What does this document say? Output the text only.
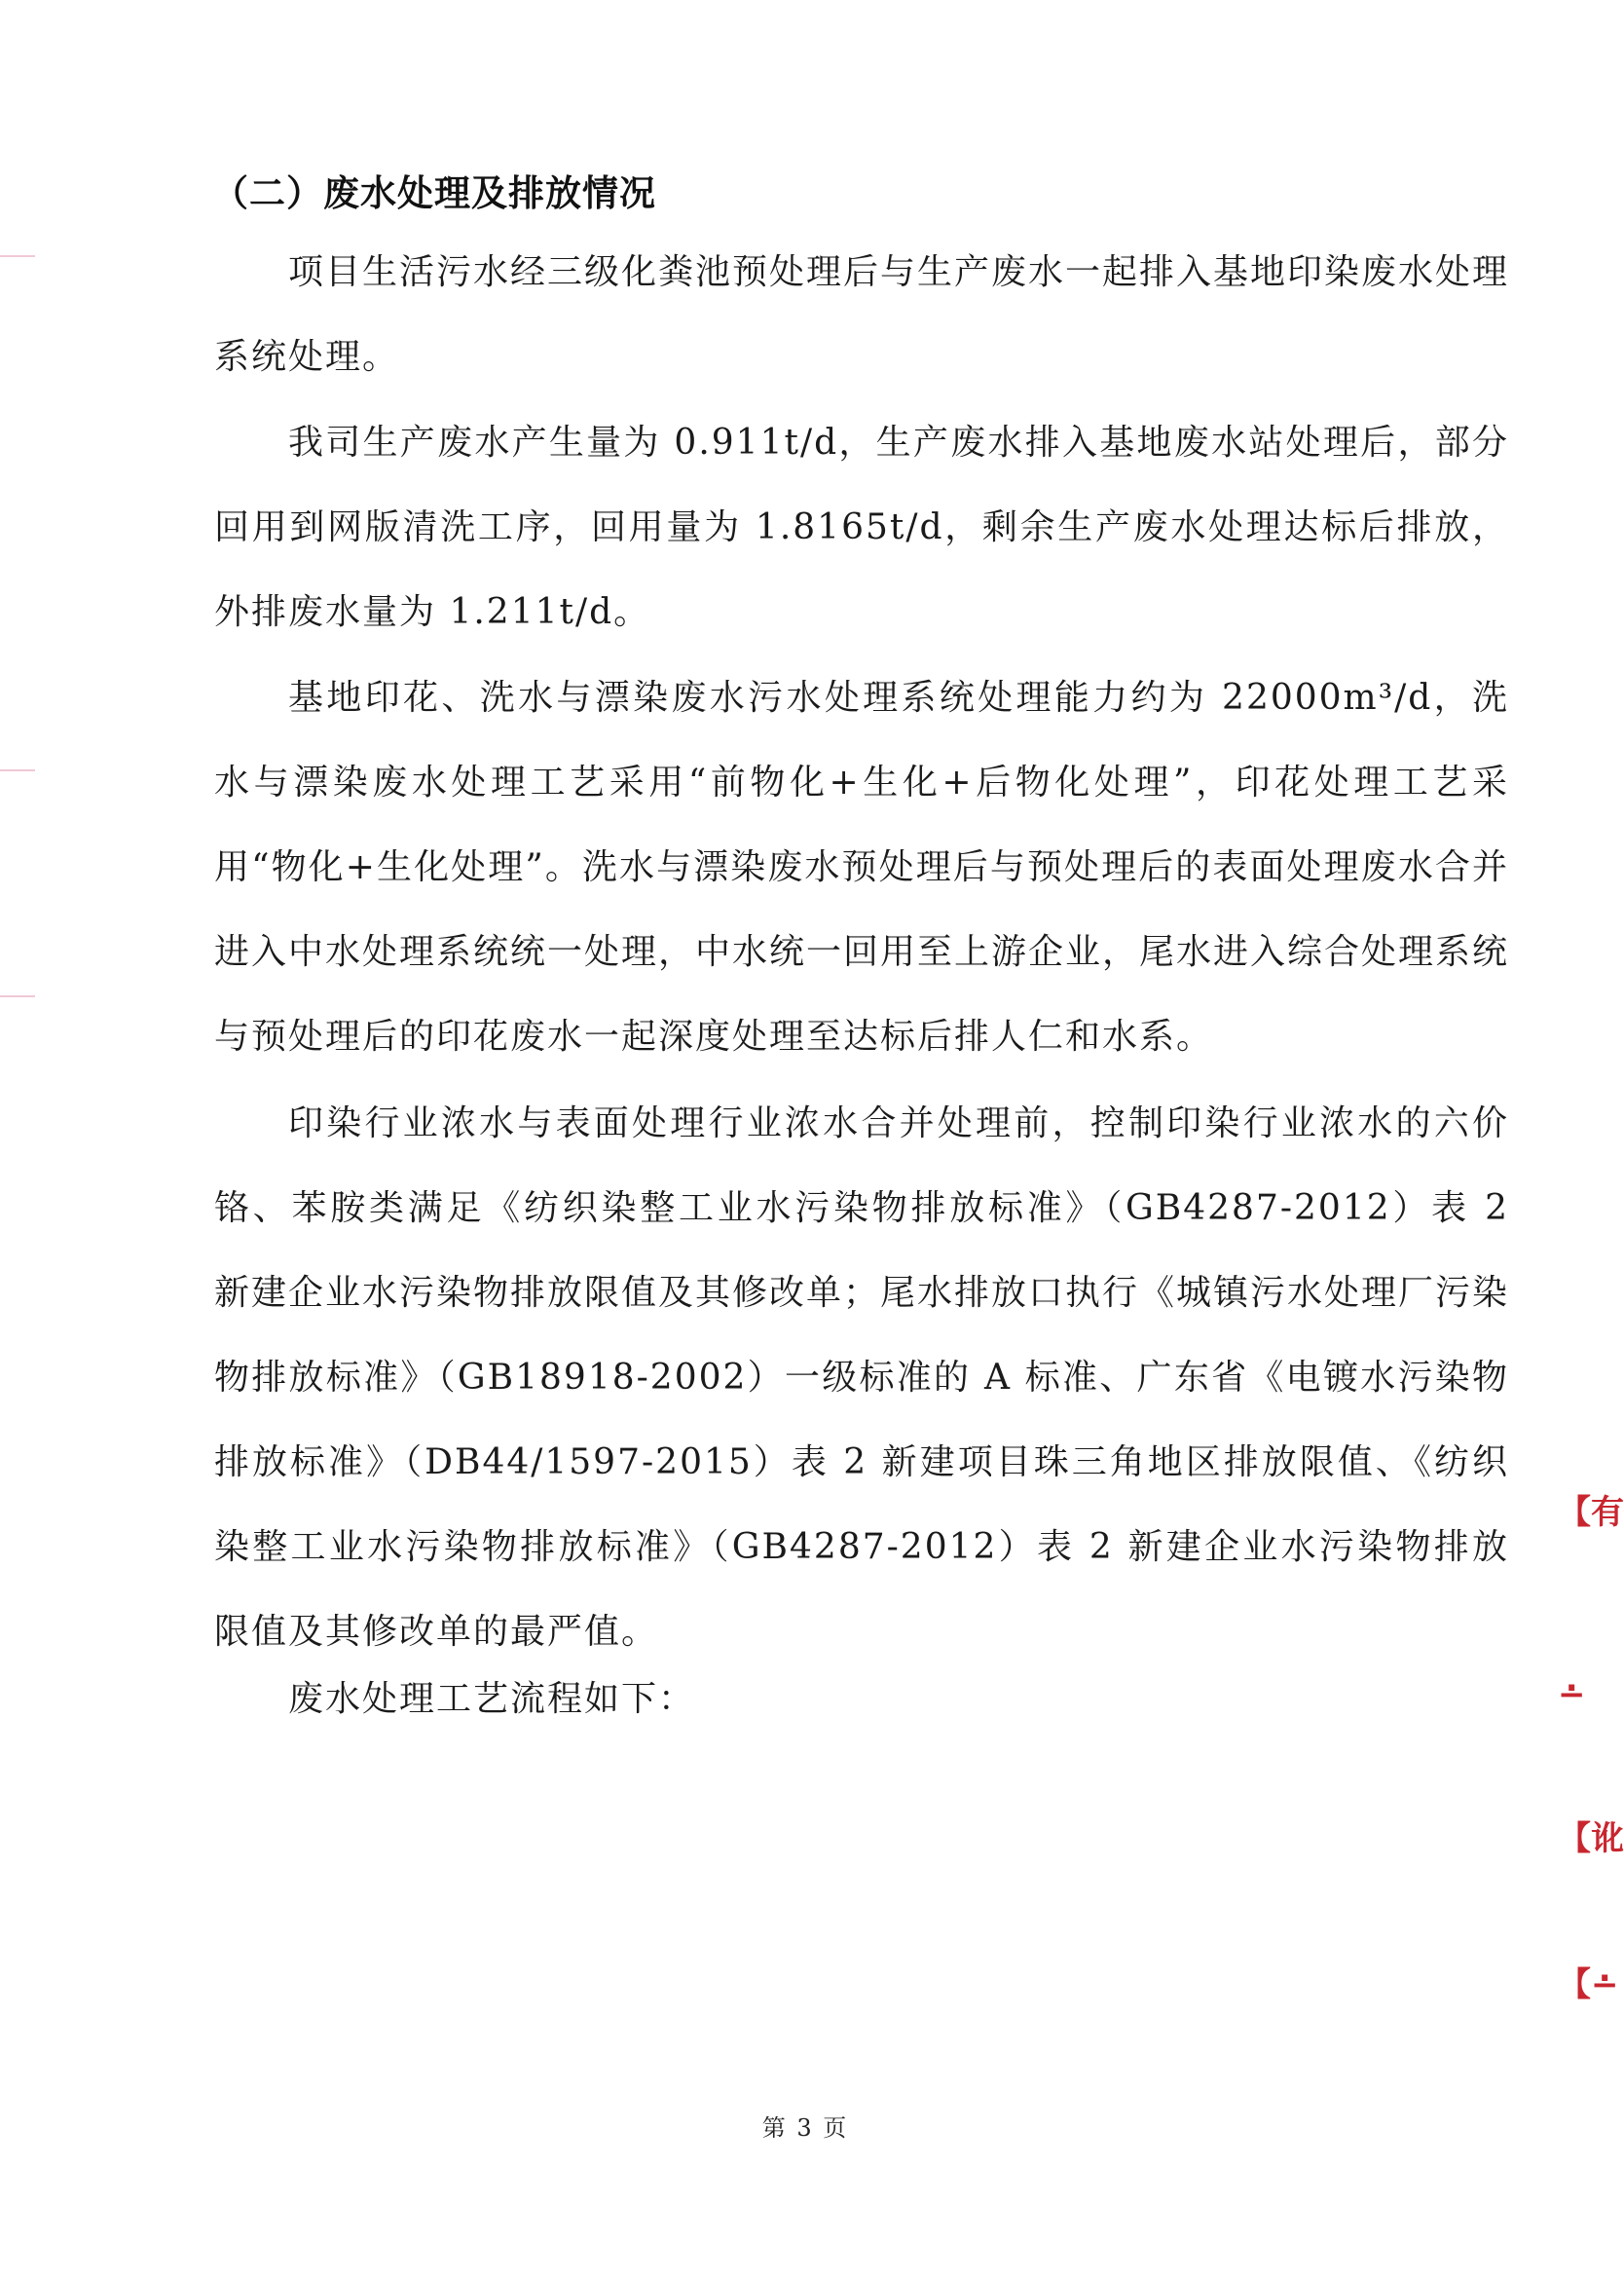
（二）废水处理及排放情况

项目生活污水经三级化粪池预处理后与生产废水一起排入基地印染废水处理系统处理。

我司生产废水产生量为 0.911t/d，生产废水排入基地废水站处理后，部分回用到网版清洗工序，回用量为 1.8165t/d，剩余生产废水处理达标后排放，外排废水量为 1.211t/d。

基地印花、洗水与漂染废水污水处理系统处理能力约为 22000m³/d，洗水与漂染废水处理工艺采用“前物化+生化+后物化处理”，印花处理工艺采用“物化+生化处理”。洗水与漂染废水预处理后与预处理后的表面处理废水合并进入中水处理系统统一处理，中水统一回用至上游企业，尾水进入综合处理系统与预处理后的印花废水一起深度处理至达标后排人仁和水系。

印染行业浓水与表面处理行业浓水合并处理前，控制印染行业浓水的六价铬、苯胺类满足《纺织染整工业水污染物排放标准》（GB4287-2012）表 2 新建企业水污染物排放限值及其修改单；尾水排放口执行《城镇污水处理厂污染物排放标准》（GB18918-2002）一级标准的 A 标准、广东省《电镀水污染物排放标准》（DB44/1597-2015）表 2 新建项目珠三角地区排放限值、《纺织染整工业水污染物排放标准》（GB4287-2012）表 2 新建企业水污染物排放限值及其修改单的最严值。

废水处理工艺流程如下：

第 3 页
【有
∸
【讹
【∸
